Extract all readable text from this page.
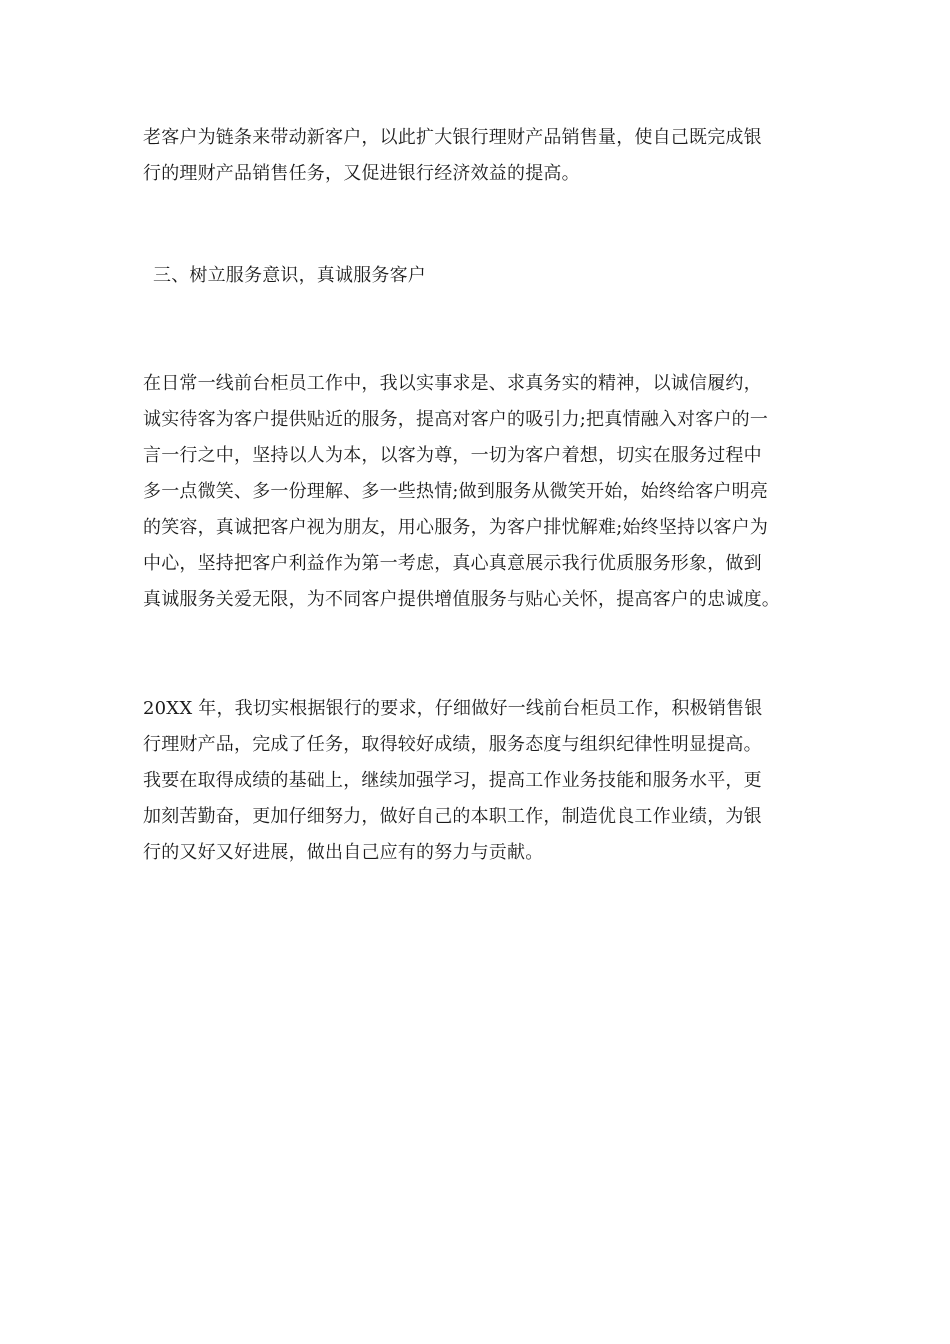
老客户为链条来带动新客户，以此扩大银行理财产品销售量，使自己既完成银
行的理财产品销售任务，又促进银行经济效益的提高。

三、树立服务意识，真诚服务客户

在日常一线前台柜员工作中，我以实事求是、求真务实的精神，以诚信履约，
诚实待客为客户提供贴近的服务，提高对客户的吸引力;把真情融入对客户的一
言一行之中，坚持以人为本，以客为尊，一切为客户着想，切实在服务过程中
多一点微笑、多一份理解、多一些热情;做到服务从微笑开始，始终给客户明亮
的笑容，真诚把客户视为朋友，用心服务，为客户排忧解难;始终坚持以客户为
中心，坚持把客户利益作为第一考虑，真心真意展示我行优质服务形象，做到
真诚服务关爱无限，为不同客户提供增值服务与贴心关怀，提高客户的忠诚度。

20XX 年，我切实根据银行的要求，仔细做好一线前台柜员工作，积极销售银
行理财产品，完成了任务，取得较好成绩，服务态度与组织纪律性明显提高。
我要在取得成绩的基础上，继续加强学习，提高工作业务技能和服务水平，更
加刻苦勤奋，更加仔细努力，做好自己的本职工作，制造优良工作业绩，为银
行的又好又好进展，做出自己应有的努力与贡献。
